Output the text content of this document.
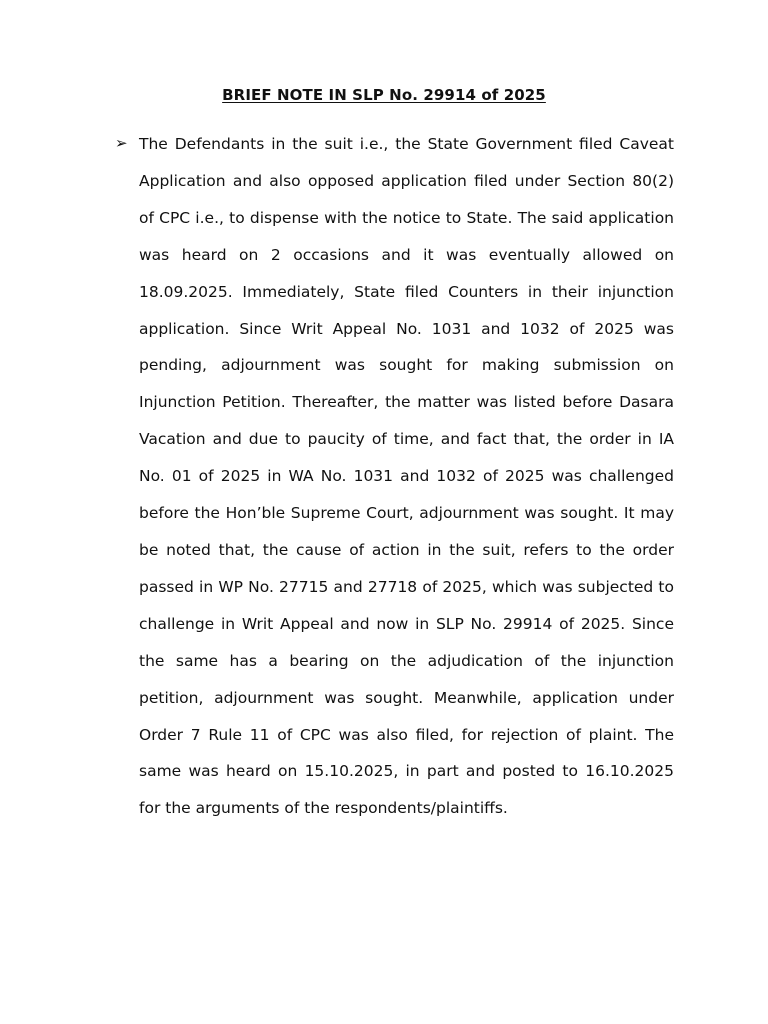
BRIEF NOTE IN SLP No. 29914 of 2025
➢ The Defendants in the suit i.e., the State Government filed Caveat Application and also opposed application filed under Section 80(2) of CPC i.e., to dispense with the notice to State. The said application was heard on 2 occasions and it was eventually allowed on 18.09.2025. Immediately, State filed Counters in their injunction application. Since Writ Appeal No. 1031 and 1032 of 2025 was pending, adjournment was sought for making submission on Injunction Petition. Thereafter, the matter was listed before Dasara Vacation and due to paucity of time, and fact that, the order in IA No. 01 of 2025 in WA No. 1031 and 1032 of 2025 was challenged before the Hon’ble Supreme Court, adjournment was sought. It may be noted that, the cause of action in the suit, refers to the order passed in WP No. 27715 and 27718 of 2025, which was subjected to challenge in Writ Appeal and now in SLP No. 29914 of 2025. Since the same has a bearing on the adjudication of the injunction petition, adjournment was sought. Meanwhile, application under Order 7 Rule 11 of CPC was also filed, for rejection of plaint. The same was heard on 15.10.2025, in part and posted to 16.10.2025 for the arguments of the respondents/plaintiffs.
